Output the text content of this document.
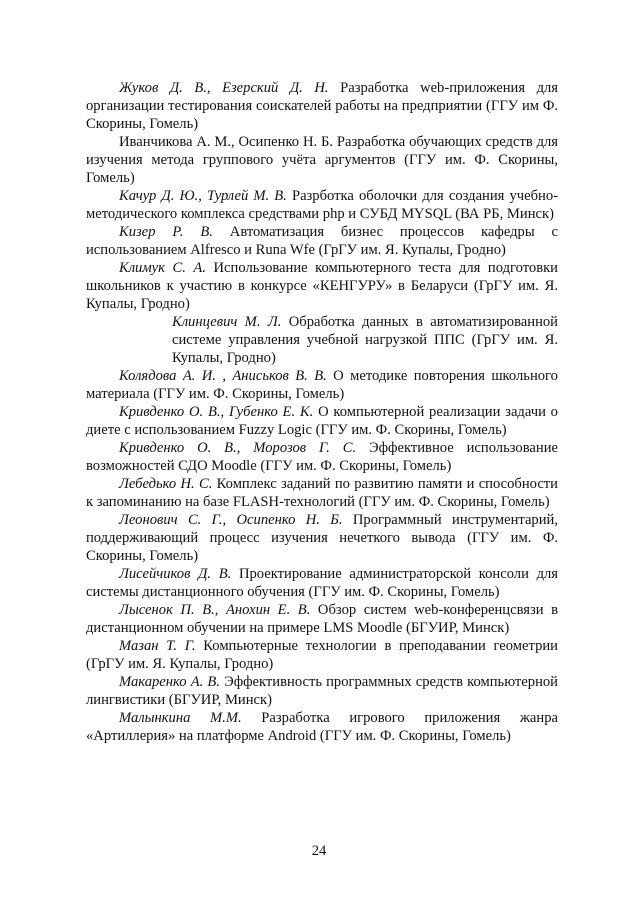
Жуков Д. В., Езерский Д. Н. Разработка web-приложения для организации тестирования соискателей работы на предприятии (ГГУ им Ф. Скорины, Гомель)

Иванчикова А. М., Осипенко Н. Б. Разработка обучающих средств для изучения метода группового учёта аргументов (ГГУ им. Ф. Скорины, Гомель)

Качур Д. Ю., Турлей М. В. Разрботка оболочки для создания учебно-методического комплекса средствами php и СУБД MYSQL (ВА РБ, Минск)

Кизер Р. В. Автоматизация бизнес процессов кафедры с использованием Alfresco и Runa Wfe (ГрГУ им. Я. Купалы, Гродно)

Климук С. А. Использование компьютерного теста для подготовки школьников к участию в конкурсе «КЕНГУРУ» в Беларуси (ГрГУ им. Я. Купалы, Гродно)

Клинцевич М. Л. Обработка данных в автоматизированной системе управления учебной нагрузкой ППС (ГрГУ им. Я. Купалы, Гродно)

Колядова А. И. , Аниськов В. В. О методике повторения школьного материала (ГГУ им. Ф. Скорины, Гомель)

Кривденко О. В., Губенко Е. К. О компьютерной реализации задачи о диете с использованием Fuzzy Logic (ГГУ им. Ф. Скорины, Гомель)

Кривденко О. В., Морозов Г. С. Эффективное использование возможностей СДО Moodle (ГГУ им. Ф. Скорины, Гомель)

Лебедько Н. С. Комплекс заданий по развитию памяти и способности к запоминанию на базе FLASH-технологий (ГГУ им. Ф. Скорины, Гомель)

Леонович С. Г., Осипенко Н. Б. Программный инструментарий, поддерживающий процесс изучения нечеткого вывода (ГГУ им. Ф. Скорины, Гомель)

Лисейчиков Д. В. Проектирование администраторской консоли для системы дистанционного обучения (ГГУ им. Ф. Скорины, Гомель)

Лысенок П. В., Анохин Е. В. Обзор систем web-конференцсвязи в дистанционном обучении на примере LMS Moodle (БГУИР, Минск)

Мазан Т. Г. Компьютерные технологии в преподавании геометрии (ГрГУ им. Я. Купалы, Гродно)

Макаренко А. В. Эффективность программных средств компьютерной лингвистики (БГУИР, Минск)

Малынкина М.М. Разработка игрового приложения жанра «Артиллерия» на платформе Android (ГГУ им. Ф. Скорины, Гомель)

24
